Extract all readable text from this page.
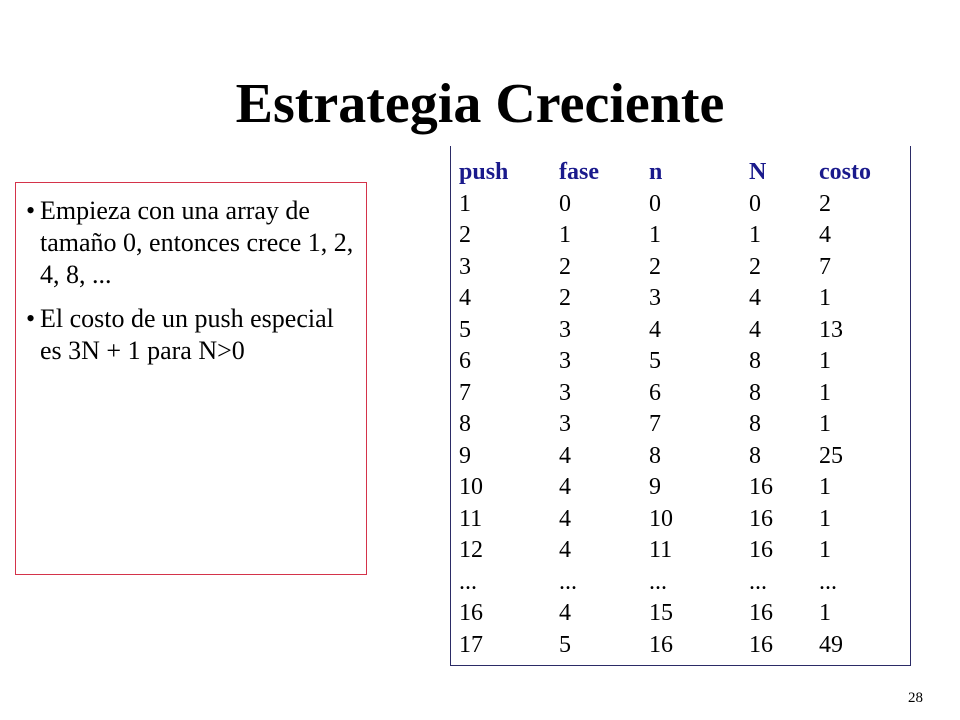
Estrategia Creciente
• Empieza con una array de tamaño 0, entonces crece 1, 2, 4, 8, ...
• El costo de un push especial es 3N + 1 para N>0
push fase n	N costo
1	0	0	0 2
2	1	1	1 4
3	2	2	2 7
4	2	3	4 1
5	3	4	4 13
6	3	5	8 1
7	3	6	8 1
8	3	7	8 1
9	4	8	8 25
10	4	9	16 1
11	4	10	16 1
12	4	11	16 1
...	...	...	... ...
16	4	15	16 1
17	5	16	16 49
28
